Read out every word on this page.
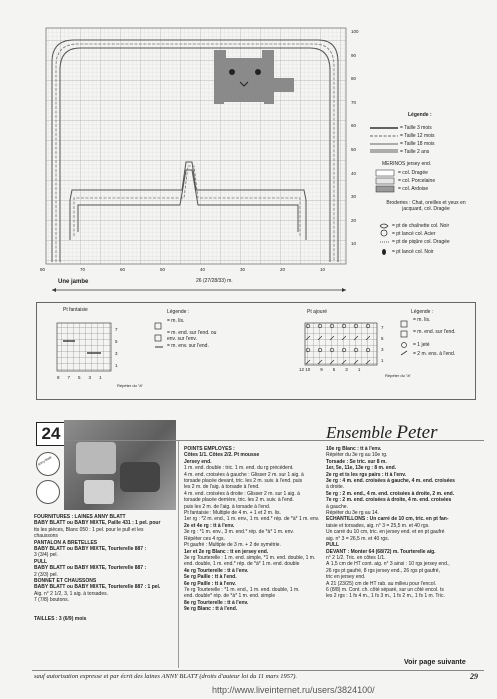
100
90
80
70
60
50
40
30
20
10
80	70	60	50	40	30	20	10
Une jambe	26 (27/28/33) m.
Légende :
= Taille 3 mois
= Taille 12 mois
= Taille 18 mois
= Taille 2 ans
MERINOS jersey end.
= col. Dragée
= col. Porcelaine
= col. Ardoise
Broderies : Chat, oreilles et yeux en jacquard, col. Dragée
= pt de chaînette col. Noir
= pt lancé col. Acier
= pt de piqûre col. Dragée
= pt lancé col. Noir
Pt fantaisie
7
5
3
1
8 7 5 3 1
Répéter du "à"
Légende :
= m. lis.
= m. end. sur l'end. ou env. sur l'env.
= m. env. sur l'end.
Pt ajouré
7
5
3
1
12 10 9 5 3 1
Répéter du "à"
Légende :
= m. lis.
= m. end. sur l'end.
= 1 jeté
= 2 m. ens. à l'end.
24
anny blatt
FOURNITURES : LAINES ANNY BLATT
BABY BLATT ou BABY MIXTE, Paille 431 : 1 pel. pour
tts les pièces, Blanc 050 : 1 pel. pour le pull et les
chaussons
PANTALON À BRETELLES
BABY BLATT ou BABY MIXTE, Tourterelle 887 :
3 (3/4) pel.
PULL
BABY BLATT ou BABY MIXTE, Tourterelle 887 :
2 (3/3) pel.
BONNET ET CHAUSSONS
BABY BLATT ou BABY MIXTE, Tourterelle 887 : 1 pel.
Aig. n° 2 1/2, 3, 1 aig. à torsades.
7 (7/8) boutons.
TAILLES : 3 (6/9) mois
POINTS EMPLOYÉS :
Côtes 1/1. Côtes 2/2. Pt mousse
Jersey end.
1 m. end. double : tric. 1 m. end. du rg précédent.
4 m. end. croisées à gauche : Glisser 2 m. sur 1 aig. à
torsade placée devant, tric. les 2 m. suiv. à l'end. puis
les 2 m. de l'aig. à torsade à l'end.
4 m. end. croisées à droite : Glisser 2 m. sur 1 aig. à
torsade placée derrière, tric. les 2 m. suiv. à l'end.
puis les 2 m. de l'aig. à torsade à l'end.
Pt fantaisie : Multiple de 4 m. + 1 et 2 m. lis.
1er rg : *2 m. end., 1 m. env., 1 m. end.* rép. de *à* 1 m. env.
2e et 4e rg : tt à l'env.
3e rg : *1 m. env., 3 m. end.* rép. de *à* 1 m. env.
Répéter ces 4 rgs.
Pt gaufré : Multiple de 3 m. + 2 de symétrie.
1er et 2e rg Blanc : tt en jersey end.
3e rg Tourterelle : 1 m. end. simple, *1 m. end. double, 1 m.
end. double, 1 m. end.* rép. de *à* 1 m. end. double
4e rg Tourterelle : tt à l'env.
5e rg Paille : tt à l'end.
6e rg Paille : tt à l'env.
7e rg Tourterelle : *1 m. end., 1 m. end. double, 1 m.
end. double* rép. de *à* 1 m. end. simple
8e rg Tourterelle : tt à l'env.
9e rg Blanc : tt à l'end.
Ensemble Peter
10e rg Blanc : tt à l'env.
Répéter du 3e rg au 10e rg.
Torsade : Se tric. sur 8 m.
1er, 5e, 11e, 13e rg : 8 m. end.
2e rg et ts les rgs pairs : tt à l'env.
3e rg : 4 m. end. croisées à gauche, 4 m. end. croisées
à droite.
5e rg : 2 m. end., 4 m. end. croisées à droite, 2 m. end.
7e rg : 2 m. end. croisées à droite, 4 m. end. croisées
à gauche.
Répéter du 3e rg au 14.
ÉCHANTILLONS : Un carré de 10 cm, tric. en pt fan-
taisie et torsades, aig. n° 3 = 25,5 m. et 40 rgs.
Un carré du 10 cm, tric. en jersey end. et en pt gaufré
aig. n° 3 = 26,5 m. et 40 rgs.
PULL
DEVANT : Monter 64 (68/72) m. Tourterelle aig.
n° 2 1/2. Tric. en côtes 1/1.
À 1,5 cm de HT cont. aig. n° 3 ainsi : 10 rgs jersey end.,
26 rgs pt gaufré, 8 rgs jersey end., 26 rgs pt gaufré,
tric en jersey end.
À 21 (23/25) cm de HT rab. au milieu pour l'encol.
6 (8/8) m. Cont. ch. côté séparé, sur un côté encol. ts
les 2 rgs : 1 fs 4 m., 1 fs 3 m., 1 fs 2 m., 1 fs 1 m. Tric.
Voir page suivante
sauf autorisation expresse et par écrit des laines ANNY BLATT (droits d'auteur loi du 11 mars 1957).	29
http://www.liveinternet.ru/users/3824100/
